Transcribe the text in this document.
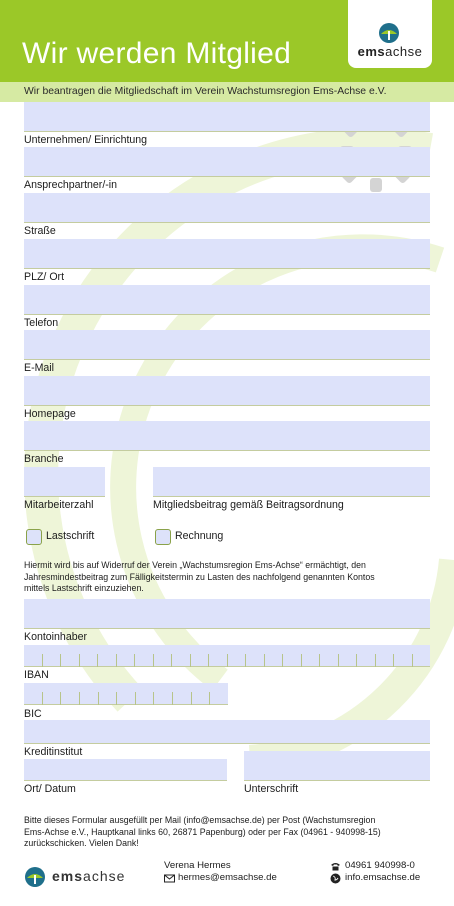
Wir werden Mitglied	emsachse
Wir beantragen die Mitgliedschaft im Verein Wachstumsregion Ems-Achse e.V.
Unternehmen/ Einrichtung
Ansprechpartner/-in
Straße
PLZ/ Ort
Telefon
E-Mail
Homepage
Branche
Mitarbeiterzahl	Mitgliedsbeitrag gemäß Beitragsordnung
Lastschrift	Rechnung
Hiermit wird bis auf Widerruf der Verein „Wachstumsregion Ems-Achse“ ermächtigt, den
Jahresmindestbeitrag zum Fälligkeitstermin zu Lasten des nachfolgend genannten Kontos
mittels Lastschrift einzuziehen.
Kontoinhaber
IBAN
BIC
Kreditinstitut
Ort/ Datum	Unterschrift
Bitte dieses Formular ausgefüllt per Mail (info@emsachse.de) per Post (Wachstumsregion
Ems-Achse e.V., Hauptkanal links 60, 26871 Papenburg) oder per Fax (04961 - 940998-15)
zurückschicken. Vielen Dank!
emsachse
Verena Hermes
hermes@emsachse.de
04961 940998-0
info.emsachse.de
